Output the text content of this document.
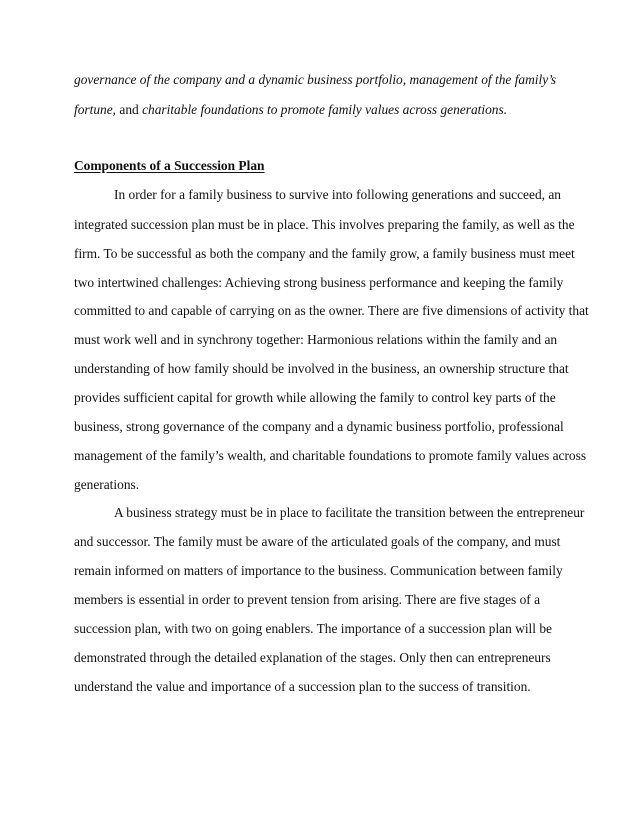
governance of the company and a dynamic business portfolio, management of the family’s
fortune, and charitable foundations to promote family values across generations.
Components of a Succession Plan
In order for a family business to survive into following generations and succeed, an
integrated succession plan must be in place. This involves preparing the family, as well as the
firm. To be successful as both the company and the family grow, a family business must meet
two intertwined challenges: Achieving strong business performance and keeping the family
committed to and capable of carrying on as the owner. There are five dimensions of activity that
must work well and in synchrony together: Harmonious relations within the family and an
understanding of how family should be involved in the business, an ownership structure that
provides sufficient capital for growth while allowing the family to control key parts of the
business, strong governance of the company and a dynamic business portfolio, professional
management of the family’s wealth, and charitable foundations to promote family values across
generations.
A business strategy must be in place to facilitate the transition between the entrepreneur
and successor. The family must be aware of the articulated goals of the company, and must
remain informed on matters of importance to the business. Communication between family
members is essential in order to prevent tension from arising. There are five stages of a
succession plan, with two on going enablers. The importance of a succession plan will be
demonstrated through the detailed explanation of the stages. Only then can entrepreneurs
understand the value and importance of a succession plan to the success of transition.
